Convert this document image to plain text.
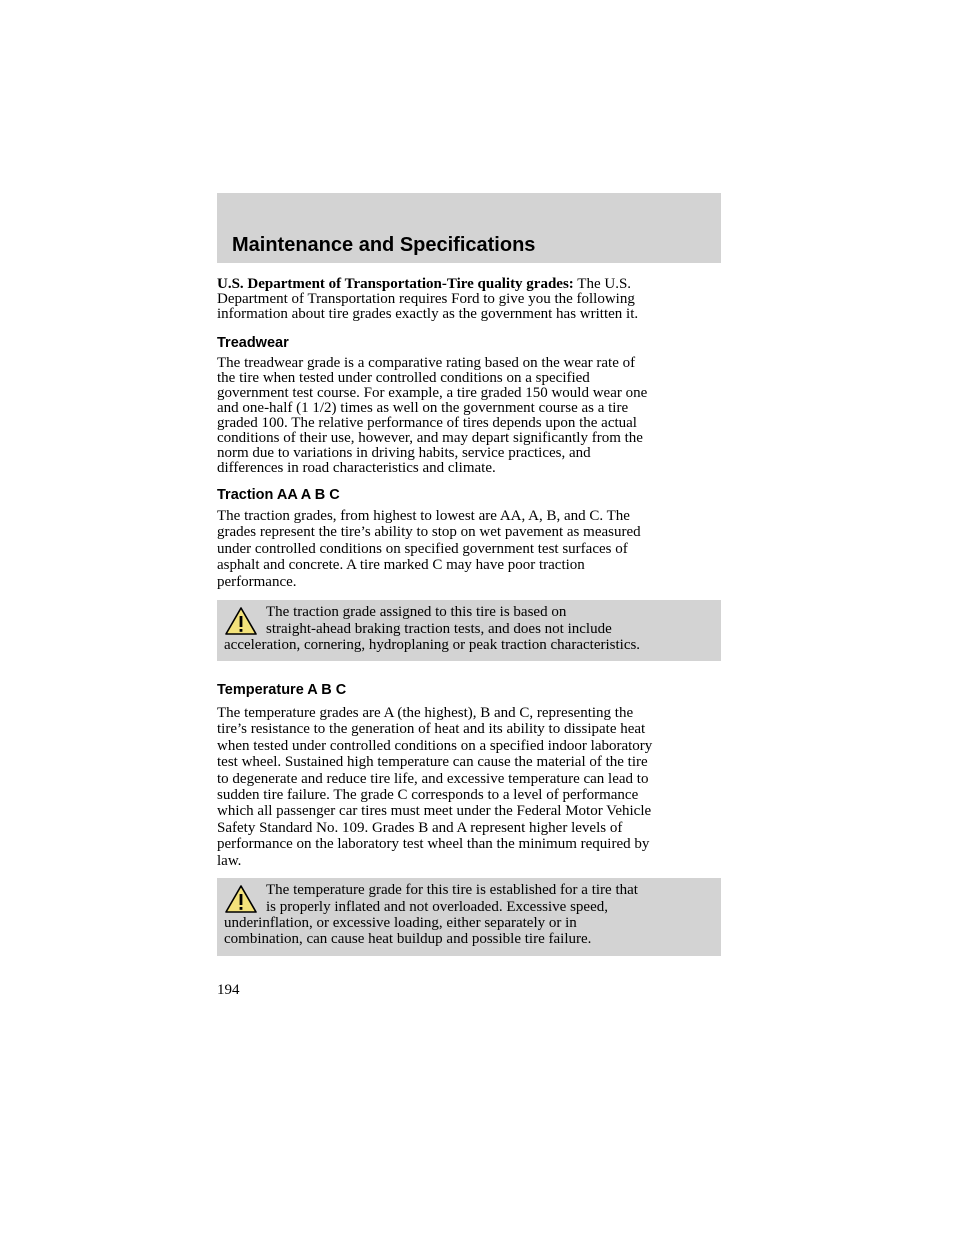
Maintenance and Specifications

U.S. Department of Transportation-Tire quality grades: The U.S.
Department of Transportation requires Ford to give you the following
information about tire grades exactly as the government has written it.

Treadwear
The treadwear grade is a comparative rating based on the wear rate of
the tire when tested under controlled conditions on a specified
government test course. For example, a tire graded 150 would wear one
and one-half (1 1/2) times as well on the government course as a tire
graded 100. The relative performance of tires depends upon the actual
conditions of their use, however, and may depart significantly from the
norm due to variations in driving habits, service practices, and
differences in road characteristics and climate.
Traction AA A B C
The traction grades, from highest to lowest are AA, A, B, and C. The
grades represent the tire’s ability to stop on wet pavement as measured
under controlled conditions on specified government test surfaces of
asphalt and concrete. A tire marked C may have poor traction
performance.
The traction grade assigned to this tire is based on
straight-ahead braking traction tests, and does not include
acceleration, cornering, hydroplaning or peak traction characteristics.
Temperature A B C
The temperature grades are A (the highest), B and C, representing the
tire’s resistance to the generation of heat and its ability to dissipate heat
when tested under controlled conditions on a specified indoor laboratory
test wheel. Sustained high temperature can cause the material of the tire
to degenerate and reduce tire life, and excessive temperature can lead to
sudden tire failure. The grade C corresponds to a level of performance
which all passenger car tires must meet under the Federal Motor Vehicle
Safety Standard No. 109. Grades B and A represent higher levels of
performance on the laboratory test wheel than the minimum required by
law.
The temperature grade for this tire is established for a tire that
is properly inflated and not overloaded. Excessive speed,
underinflation, or excessive loading, either separately or in
combination, can cause heat buildup and possible tire failure.
194
